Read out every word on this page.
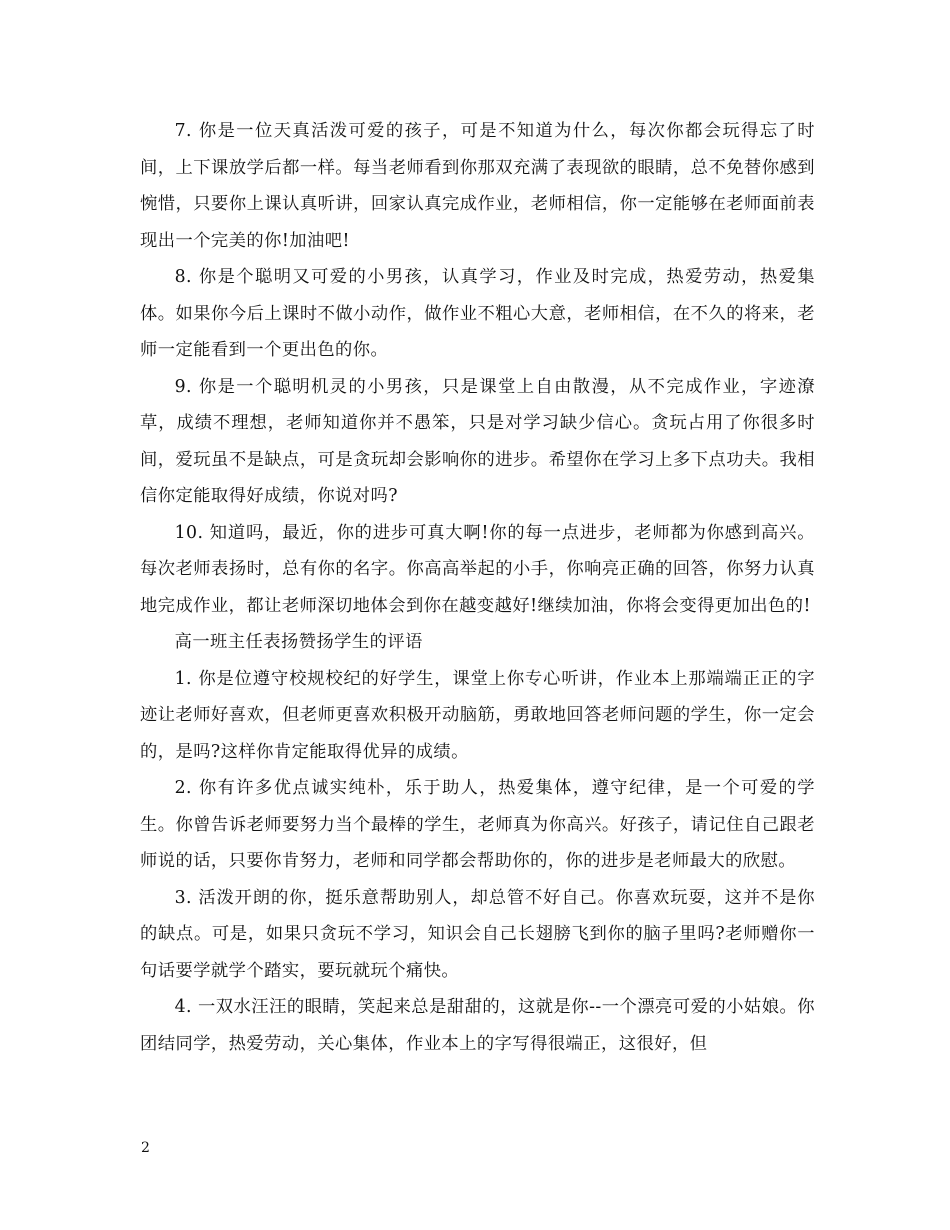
7. 你是一位天真活泼可爱的孩子，可是不知道为什么，每次你都会玩得忘了时间，上下课放学后都一样。每当老师看到你那双充满了表现欲的眼睛，总不免替你感到惋惜，只要你上课认真听讲，回家认真完成作业，老师相信，你一定能够在老师面前表现出一个完美的你!加油吧!

8. 你是个聪明又可爱的小男孩，认真学习，作业及时完成，热爱劳动，热爱集体。如果你今后上课时不做小动作，做作业不粗心大意，老师相信，在不久的将来，老师一定能看到一个更出色的你。

9. 你是一个聪明机灵的小男孩，只是课堂上自由散漫，从不完成作业，字迹潦草，成绩不理想，老师知道你并不愚笨，只是对学习缺少信心。贪玩占用了你很多时间，爱玩虽不是缺点，可是贪玩却会影响你的进步。希望你在学习上多下点功夫。我相信你定能取得好成绩，你说对吗?

10. 知道吗，最近，你的进步可真大啊!你的每一点进步，老师都为你感到高兴。每次老师表扬时，总有你的名字。你高高举起的小手，你响亮正确的回答，你努力认真地完成作业，都让老师深切地体会到你在越变越好!继续加油，你将会变得更加出色的!

高一班主任表扬赞扬学生的评语

1. 你是位遵守校规校纪的好学生，课堂上你专心听讲，作业本上那端端正正的字迹让老师好喜欢，但老师更喜欢积极开动脑筋，勇敢地回答老师问题的学生，你一定会的，是吗?这样你肯定能取得优异的成绩。

2. 你有许多优点诚实纯朴，乐于助人，热爱集体，遵守纪律，是一个可爱的学生。你曾告诉老师要努力当个最棒的学生，老师真为你高兴。好孩子，请记住自己跟老师说的话，只要你肯努力，老师和同学都会帮助你的，你的进步是老师最大的欣慰。

3. 活泼开朗的你，挺乐意帮助别人，却总管不好自己。你喜欢玩耍，这并不是你的缺点。可是，如果只贪玩不学习，知识会自己长翅膀飞到你的脑子里吗?老师赠你一句话要学就学个踏实，要玩就玩个痛快。

4. 一双水汪汪的眼睛，笑起来总是甜甜的，这就是你--一个漂亮可爱的小姑娘。你团结同学，热爱劳动，关心集体，作业本上的字写得很端正，这很好，但

2
